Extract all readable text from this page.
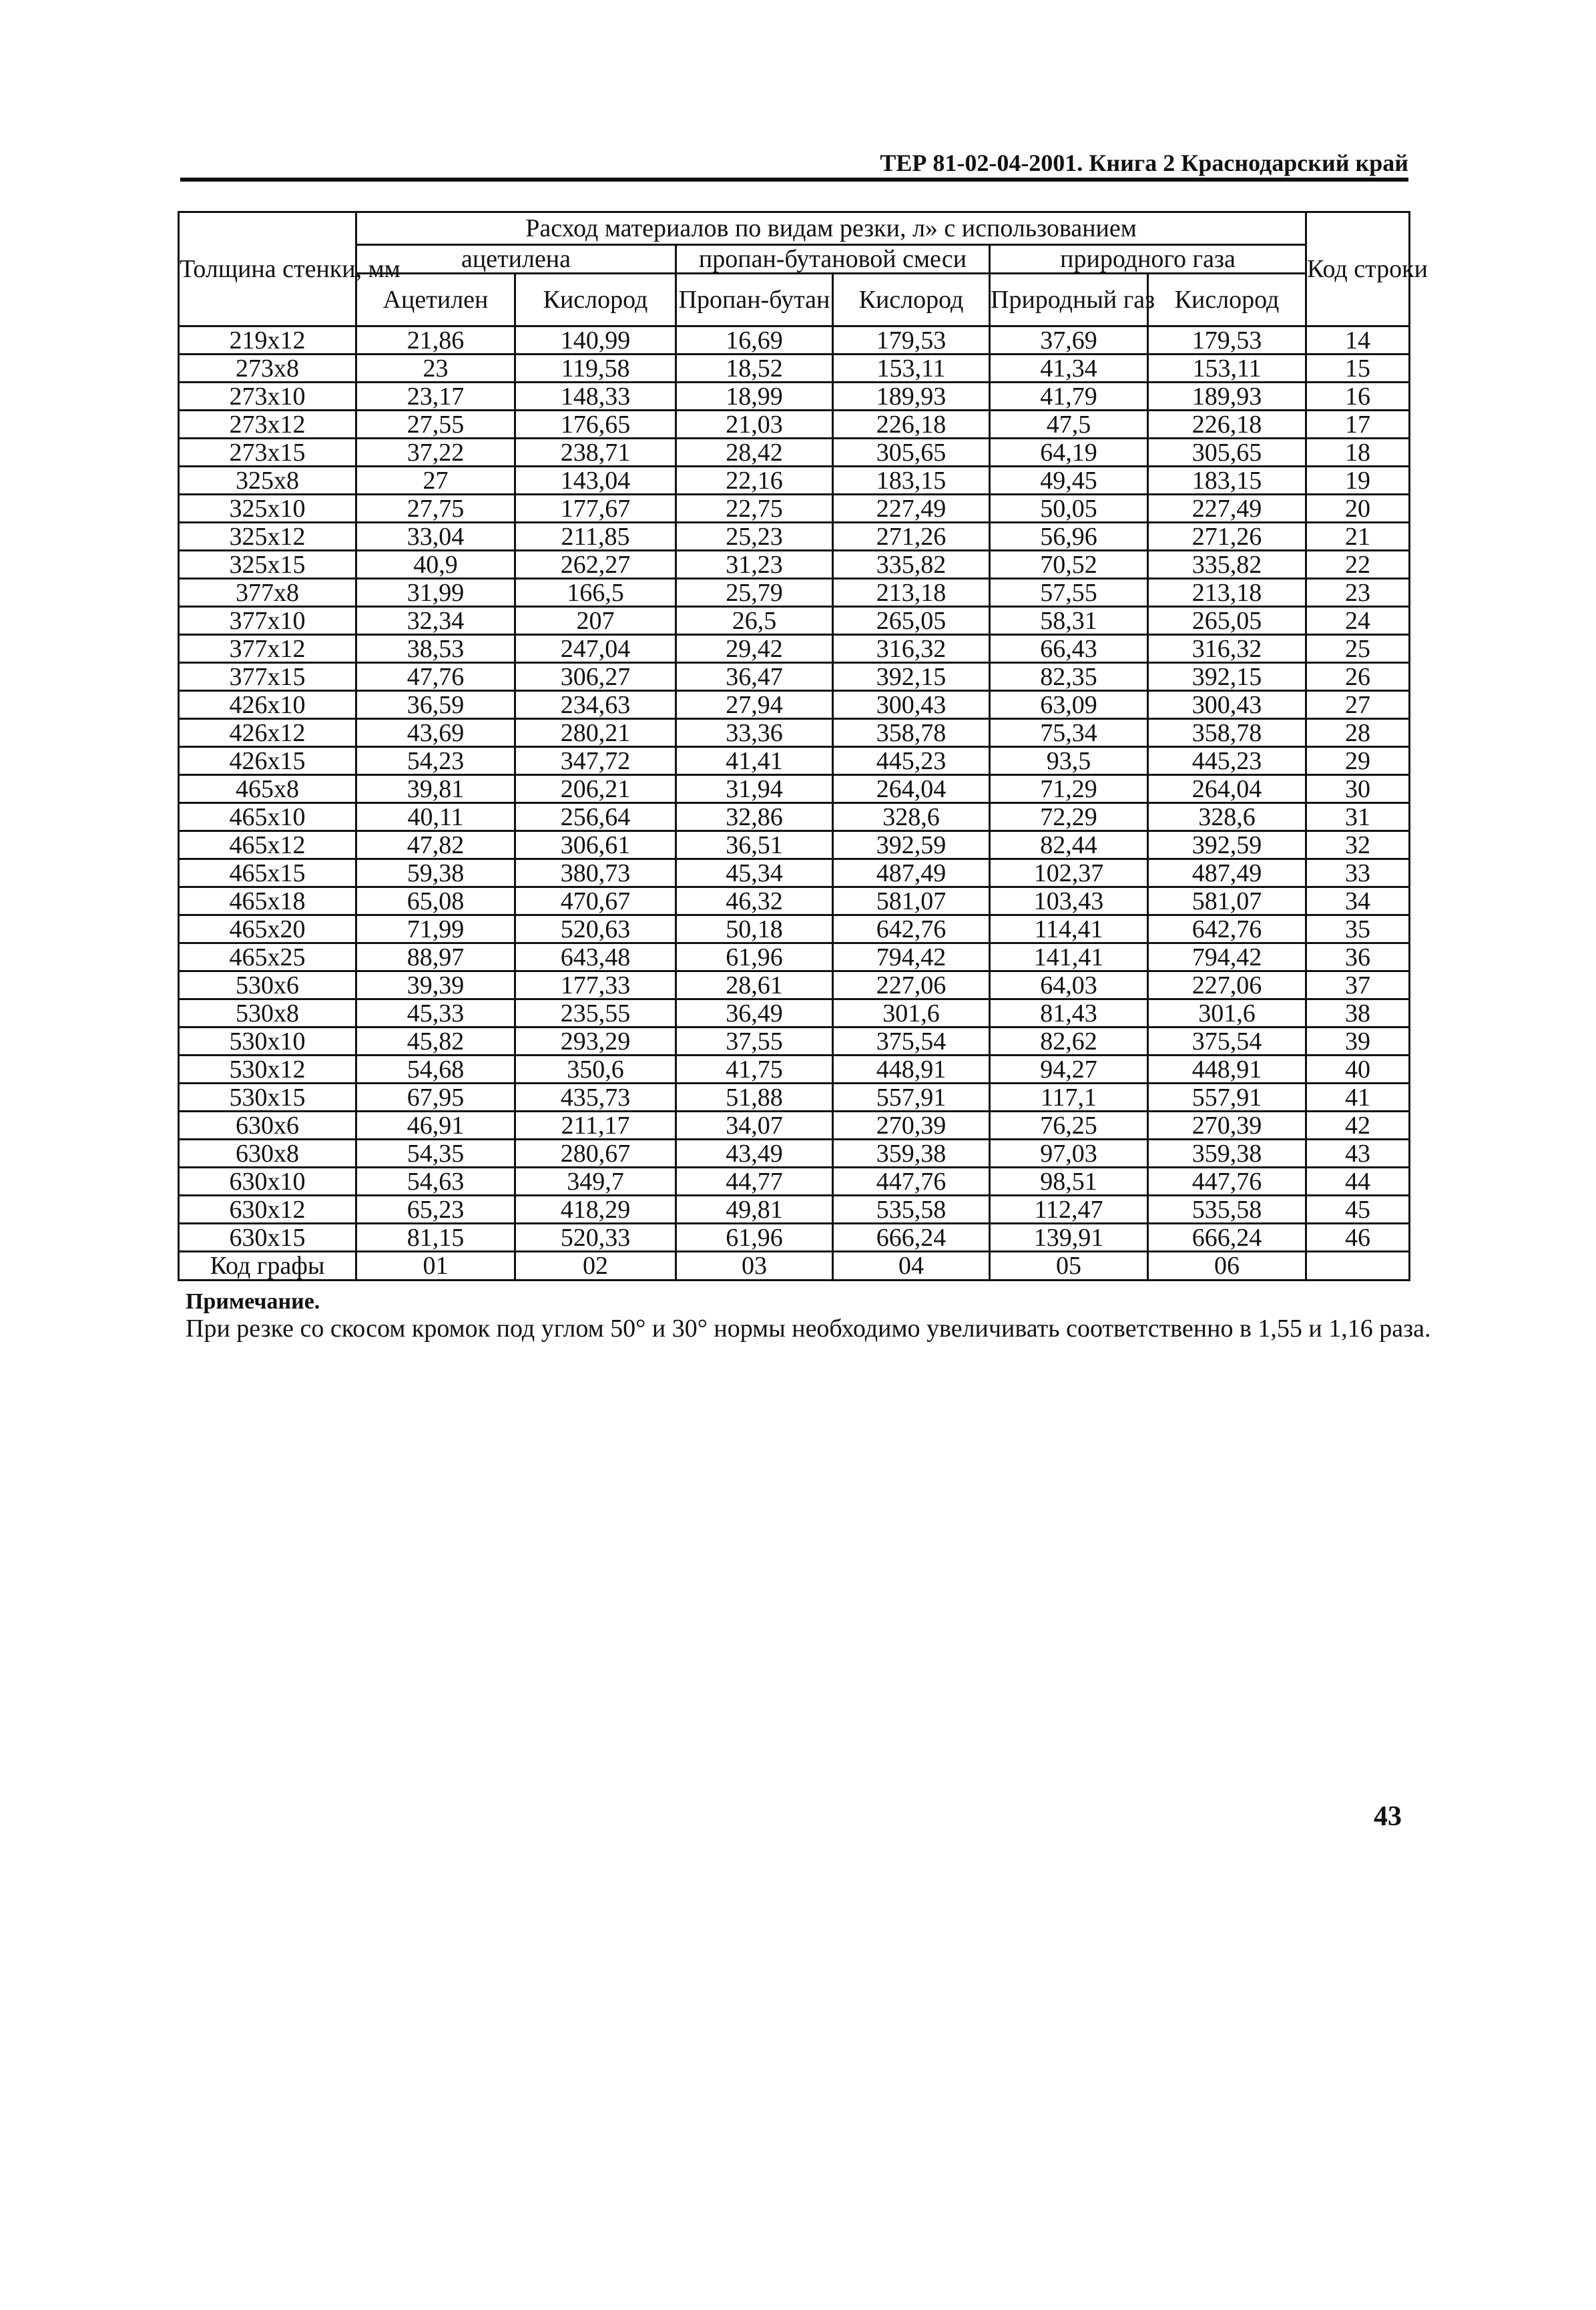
ТЕР 81-02-04-2001. Книга 2 Краснодарский край
Толщина стенки, мм	Расход материалов по видам резки, л» с использованием						Код строки
	ацетилена		пропан-бутановой смеси		природного газа		
	Ацетилен	Кислород	Пропан-бутан	Кислород	Природный газ	Кислород	
219x12	21,86	140,99	16,69	179,53	37,69	179,53	14
273x8	23	119,58	18,52	153,11	41,34	153,11	15
273x10	23,17	148,33	18,99	189,93	41,79	189,93	16
273x12	27,55	176,65	21,03	226,18	47,5	226,18	17
273x15	37,22	238,71	28,42	305,65	64,19	305,65	18
325x8	27	143,04	22,16	183,15	49,45	183,15	19
325x10	27,75	177,67	22,75	227,49	50,05	227,49	20
325x12	33,04	211,85	25,23	271,26	56,96	271,26	21
325x15	40,9	262,27	31,23	335,82	70,52	335,82	22
377x8	31,99	166,5	25,79	213,18	57,55	213,18	23
377x10	32,34	207	26,5	265,05	58,31	265,05	24
377x12	38,53	247,04	29,42	316,32	66,43	316,32	25
377x15	47,76	306,27	36,47	392,15	82,35	392,15	26
426x10	36,59	234,63	27,94	300,43	63,09	300,43	27
426x12	43,69	280,21	33,36	358,78	75,34	358,78	28
426x15	54,23	347,72	41,41	445,23	93,5	445,23	29
465x8	39,81	206,21	31,94	264,04	71,29	264,04	30
465x10	40,11	256,64	32,86	328,6	72,29	328,6	31
465x12	47,82	306,61	36,51	392,59	82,44	392,59	32
465x15	59,38	380,73	45,34	487,49	102,37	487,49	33
465x18	65,08	470,67	46,32	581,07	103,43	581,07	34
465x20	71,99	520,63	50,18	642,76	114,41	642,76	35
465x25	88,97	643,48	61,96	794,42	141,41	794,42	36
530x6	39,39	177,33	28,61	227,06	64,03	227,06	37
530x8	45,33	235,55	36,49	301,6	81,43	301,6	38
530x10	45,82	293,29	37,55	375,54	82,62	375,54	39
530x12	54,68	350,6	41,75	448,91	94,27	448,91	40
530x15	67,95	435,73	51,88	557,91	117,1	557,91	41
630x6	46,91	211,17	34,07	270,39	76,25	270,39	42
630x8	54,35	280,67	43,49	359,38	97,03	359,38	43
630x10	54,63	349,7	44,77	447,76	98,51	447,76	44
630x12	65,23	418,29	49,81	535,58	112,47	535,58	45
630x15	81,15	520,33	61,96	666,24	139,91	666,24	46
Код графы	01	02	03	04	05	06	
Примечание.
При резке со скосом кромок под углом 50° и 30° нормы необходимо увеличивать соответственно в 1,55 и 1,16 раза.
43
